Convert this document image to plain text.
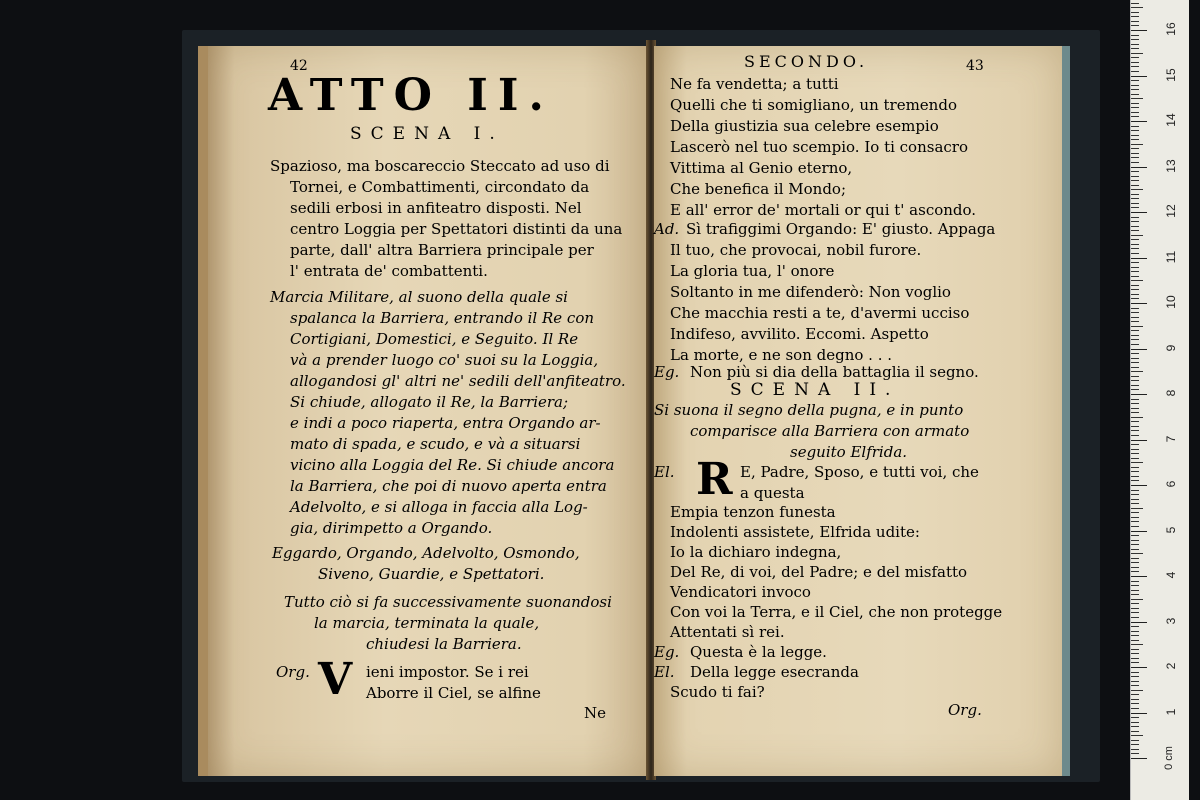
42
ATTO II.
SCENA I.
Spazioso, ma boscareccio Steccato ad uso di
Tornei, e Combattimenti, circondato da
sedili erbosi in anfiteatro disposti. Nel
centro Loggia per Spettatori distinti da una
parte, dall' altra Barriera principale per
l' entrata de' combattenti.
Marcia Militare, al suono della quale si
spalanca la Barriera, entrando il Re con
Cortigiani, Domestici, e Seguito. Il Re
và a prender luogo co' suoi su la Loggia,
allogandosi gl' altri ne' sedili dell'anfiteatro.
Si chiude, allogato il Re, la Barriera;
e indi a poco riaperta, entra Orgando ar-
mato di spada, e scudo, e và a situarsi
vicino alla Loggia del Re. Si chiude ancora
la Barriera, che poi di nuovo aperta entra
Adelvolto, e si alloga in faccia alla Log-
gia, dirimpetto a Orgando.
Eggardo, Orgando, Adelvolto, Osmondo,
Siveno, Guardie, e Spettatori.
Tutto ciò si fa successivamente suonandosi
la marcia, terminata la quale,
chiudesi la Barriera.
Org. V ieni impostor. Se i rei
Aborre il Ciel, se alfine
Ne
SECONDO.	43
Ne fa vendetta; a tutti
Quelli che ti somigliano, un tremendo
Della giustizia sua celebre esempio
Lascerò nel tuo scempio. Io ti consacro
Vittima al Genio eterno,
Che benefica il Mondo;
E all' error de' mortali or qui t' ascondo.
Ad. Sì trafiggimi Orgando: E' giusto. Appaga
Il tuo, che provocai, nobil furore.
La gloria tua, l' onore
Soltanto in me difenderò: Non voglio
Che macchia resti a te, d'avermi ucciso
Indifeso, avvilito. Eccomi. Aspetto
La morte, e ne son degno . . .
Eg. Non più si dia della battaglia il segno.
SCENA II.
Si suona il segno della pugna, e in punto
comparisce alla Barriera con armato
seguito Elfrida.
El. R E, Padre, Sposo, e tutti voi, che
a questa
Empia tenzon funesta
Indolenti assistete, Elfrida udite:
Io la dichiaro indegna,
Del Re, di voi, del Padre; e del misfatto
Vendicatori invoco
Con voi la Terra, e il Ciel, che non protegge
Attentati sì rei.
Eg. Questa è la legge.
El. Della legge esecranda
Scudo ti fai?
Org.
0 cm
16
15
14
13
12
11
10
9
8
7
6
5
4
3
2
1
